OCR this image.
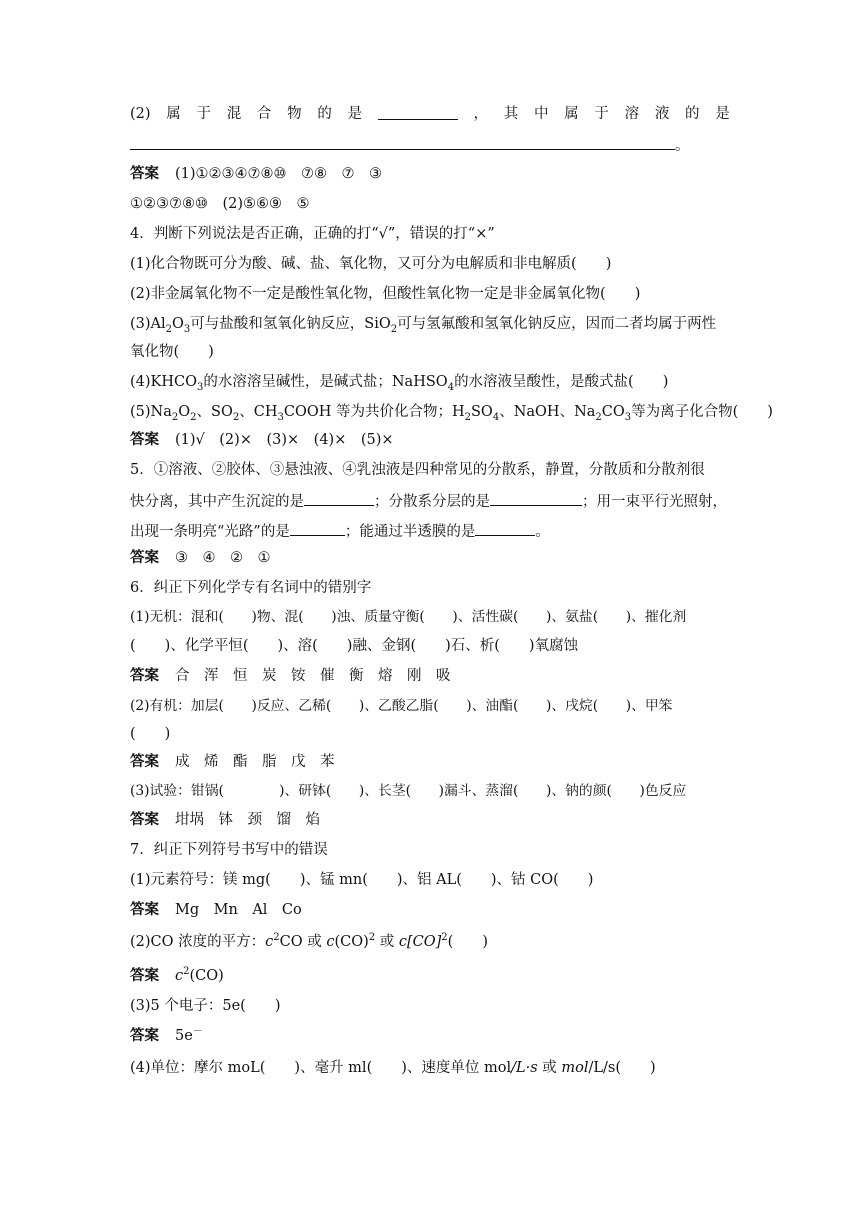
(2) 属 于 混 合 物 的 是	， 其 中 属 于 溶 液 的 是
。
答案 (1)①②③④⑦⑧⑩　⑦⑧　⑦　③
①②③⑦⑧⑩　(2)⑤⑥⑨　⑤
4．判断下列说法是否正确，正确的打“√”，错误的打“×”
(1)化合物既可分为酸、碱、盐、氧化物，又可分为电解质和非电解质(　　)
(2)非金属氧化物不一定是酸性氧化物，但酸性氧化物一定是非金属氧化物(　　)
$(3)Al_2O_3$可与盐酸和氢氧化钠反应，SiO$_2$可与氢氟酸和氢氧化钠反应，因而二者均属于两性
氧化物(　　)
$(4)KHCO_3$的水溶溶呈碱性，是碱式盐；NaHSO$_4$的水溶液呈酸性，是酸式盐(　　)
$(5)Na_2O_2$、$SO_2$、$CH_3COOH$ 等为共价化合物；$H_2SO_4$、NaOH、$Na_2CO_3$等为离子化合物(　　)
答案 (1)√　(2)×　(3)×　(4)×　(5)×
5．①溶液、②胶体、③悬浊液、④乳浊液是四种常见的分散系，静置，分散质和分散剂很
快分离，其中产生沉淀的是	；分散系分层的是	；用一束平行光照射，
出现一条明亮“光路”的是	；能通过半透膜的是	。
答案 ③　④　②　①
6．纠正下列化学专有名词中的错别字
(1)无机：混和(　　)物、混(　　)浊、质量守衡(　　)、活性碳(　　)、氨盐(　　)、摧化剂
(　　)、化学平恒(　　)、溶(　　)融、金钢(　　)石、析(　　)氧腐蚀
答案 合　浑　恒　炭　铵　催　衡　熔　刚　吸
(2)有机：加层(　　)反应、乙稀(　　)、乙酸乙脂(　　)、油酯(　　)、戌烷(　　)、甲笨
(　　)
答案 成　烯　酯　脂　戊　苯
(3)试验：钳锅(　　　　)、研钵(　　)、长茎(　　)漏斗、蒸溜(　　)、钠的颜(　　)色反应
答案 坩埚　钵　颈　馏　焰
7．纠正下列符号书写中的错误
(1)元素符号：镁 mg(　　)、锰 mn(　　)、铝 AL(　　)、钴 CO(　　)
答案 Mg　Mn　Al　Co
(2)CO 浓度的平方：$c^2CO$ 或 c(CO)$^2$ 或 c[CO]$^2$(　　)
答案 $c^2(CO)$
(3)5 个电子：5e(　　)
答案 5e－
(4)单位：摩尔 moL(　　)、毫升 ml(　　)、速度单位 mol/L·s 或 mol/L/s(　　)
